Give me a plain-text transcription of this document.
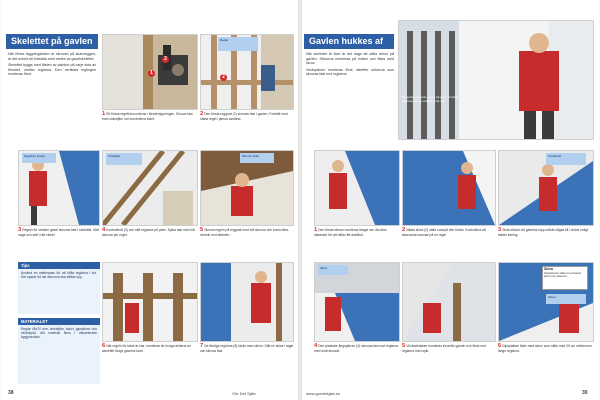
Skelettet på gavlen

När första laggningslisten är skruvad på skalvreggen, är det enkelt att fortsätta med resten av gavelskelettet.

Skelettet byggs med fästen av plankor på varje sida av fönstret, mellan reglarna. Den vertikala reglingen monteras först.	1
2
Reglar
2
1Ett första regelträ monteras i fönsteröppningen. Skruva fast med vinkeljärn och kontrollera lodet.
2Den första reggratt (2) skruvas fast i gavlen. Fortsätt med nästa regel i jämna avstånd.
Regelträ i fönster	Vinkeljärn	Mät och lodat
3Regeln för vänster gavel skruvas fast i skelettet. Mät noga och sätt i rätt vinkel.
4Kontrollmät (3) och sätt reglarna på plats. Spika fast med två skruvar per regel.
5Skruva regeln på reggratt med två skruvar och kontrollera vinkeln mot takfoten.
Tips
Använd en vattenpass för att hålla reglarna i lod. Det sparar tid när skivorna ska sättas upp.
MATERIALET
Reglar 45x70 mm, vinkeljärn, skruv, gipsskivor och vindskydd. Allt material finns i välsorterade byggvaruhus.
6När regeln för taket är klar, monteras de övriga delarna av skelettet längs gavelns kant.
7De färdiga reglarna (8) täcks med skivor. Sätt en skiva i taget och skruva fast.
38	Gör Det Själv
Gavlen hukkes af

När skelettet är klart är det dags att sätta skivor på gavlen. Skivorna monteras på tvären och fästs med skruv.

Vindspärren monteras först, därefter skivorna som skruvas fast mot reglarna.

På gavlen skruvas skivor på plats. Använd ställning när du arbetar högt upp.
Vindskydd
1Den första skivan monteras längst ner. Använd distanser för att hålla rätt avstånd.
2Nästa skiva (2) sätts ovanpå den första. Kontrollera att skarvarna hamnar på en regel.
3Sista skivan vid gavelns topp måste sågas till i vinkel enligt takets lutning.
Skruv	Skiva
Gipsskivan sätts med fasad kant mot skarven.
Skivor
4Den plastade ångspärren (4) skruvas fast mot reglarna med små skruvar.
5Vindavledaren monteras innanför gaveln och fästs mot reglarna med spik.
6Gipsplattan fästs med skruv som sätts med 20 cm mellanrum längs reglarna.
www.gordetsjalv.se	39
